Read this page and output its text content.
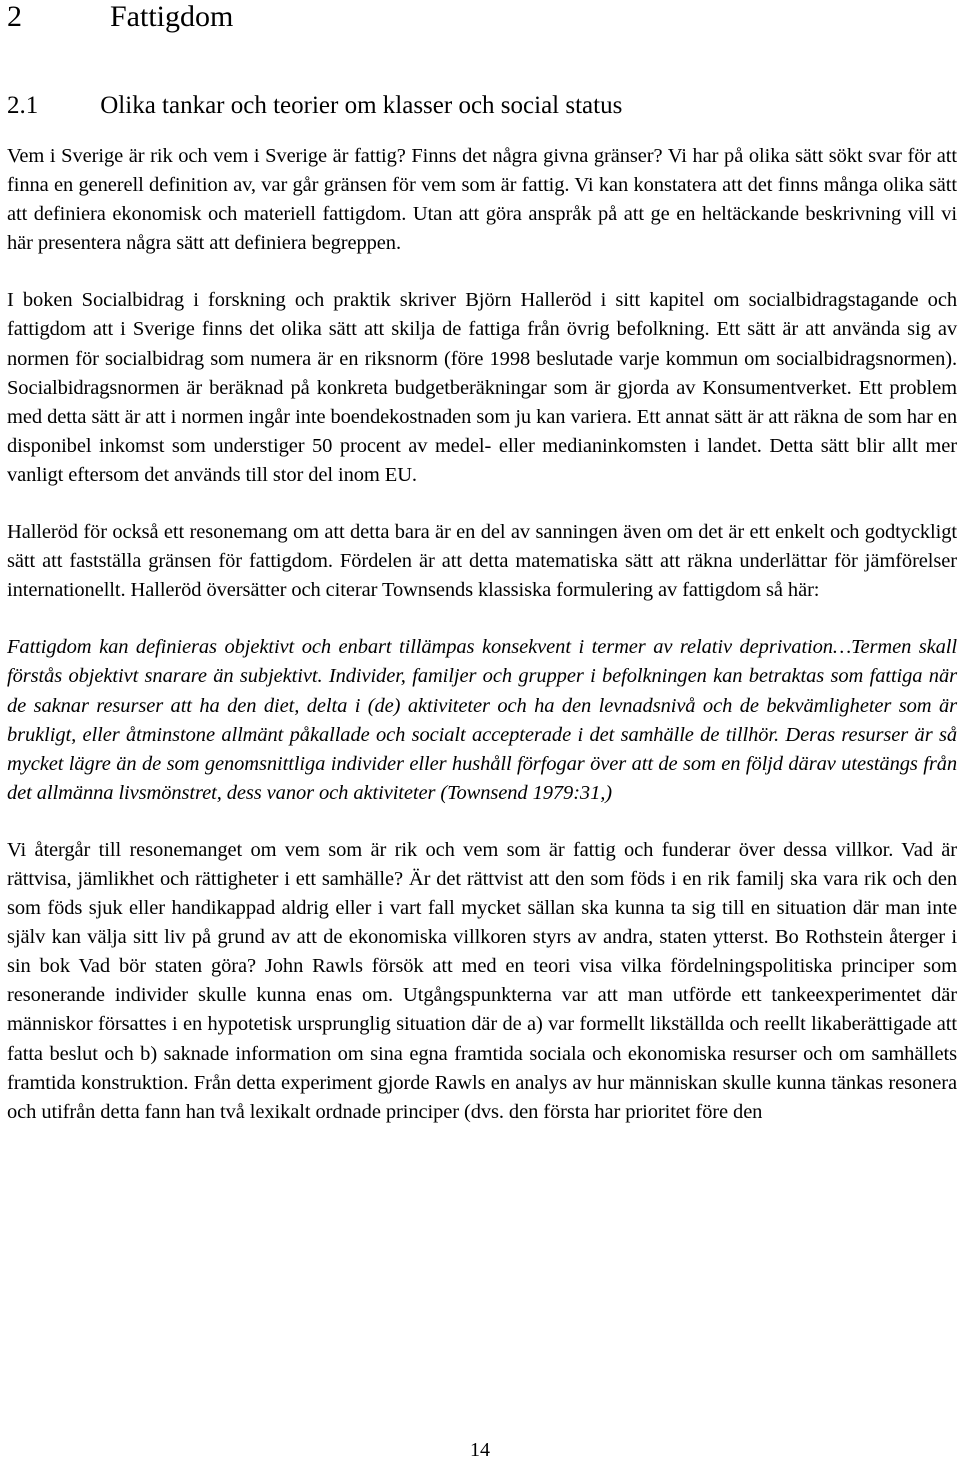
2	Fattigdom
2.1 Olika tankar och teorier om klasser och social status

Vem i Sverige är rik och vem i Sverige är fattig? Finns det några givna gränser? Vi har på olika sätt sökt svar för att finna en generell definition av, var går gränsen för vem som är fattig. Vi kan konstatera att det finns många olika sätt att definiera ekonomisk och materiell fattigdom. Utan att göra anspråk på att ge en heltäckande beskrivning vill vi här presentera några sätt att definiera begreppen.

I boken Socialbidrag i forskning och praktik skriver Björn Halleröd i sitt kapitel om socialbidragstagande och fattigdom att i Sverige finns det olika sätt att skilja de fattiga från övrig befolkning. Ett sätt är att använda sig av normen för socialbidrag som numera är en riksnorm (före 1998 beslutade varje kommun om socialbidragsnormen). Socialbidragsnormen är beräknad på konkreta budgetberäkningar som är gjorda av Konsumentverket. Ett problem med detta sätt är att i normen ingår inte boendekostnaden som ju kan variera. Ett annat sätt är att räkna de som har en disponibel inkomst som understiger 50 procent av medel- eller medianinkomsten i landet. Detta sätt blir allt mer vanligt eftersom det används till stor del inom EU.

Halleröd för också ett resonemang om att detta bara är en del av sanningen även om det är ett enkelt och godtyckligt sätt att fastställa gränsen för fattigdom. Fördelen är att detta matematiska sätt att räkna underlättar för jämförelser internationellt. Halleröd översätter och citerar Townsends klassiska formulering av fattigdom så här:

Fattigdom kan definieras objektivt och enbart tillämpas konsekvent i termer av relativ deprivation…Termen skall förstås objektivt snarare än subjektivt. Individer, familjer och grupper i befolkningen kan betraktas som fattiga när de saknar resurser att ha den diet, delta i (de) aktiviteter och ha den levnadsnivå och de bekvämligheter som är brukligt, eller åtminstone allmänt påkallade och socialt accepterade i det samhälle de tillhör. Deras resurser är så mycket lägre än de som genomsnittliga individer eller hushåll förfogar över att de som en följd därav utestängs från det allmänna livsmönstret, dess vanor och aktiviteter (Townsend 1979:31,)

Vi återgår till resonemanget om vem som är rik och vem som är fattig och funderar över dessa villkor. Vad är rättvisa, jämlikhet och rättigheter i ett samhälle? Är det rättvist att den som föds i en rik familj ska vara rik och den som föds sjuk eller handikappad aldrig eller i vart fall mycket sällan ska kunna ta sig till en situation där man inte själv kan välja sitt liv på grund av att de ekonomiska villkoren styrs av andra, staten ytterst. Bo Rothstein återger i sin bok Vad bör staten göra? John Rawls försök att med en teori visa vilka fördelningspolitiska principer som resonerande individer skulle kunna enas om. Utgångspunkterna var att man utförde ett tankeexperimentet där människor försattes i en hypotetisk ursprunglig situation där de a) var formellt likställda och reellt likaberättigade att fatta beslut och b) saknade information om sina egna framtida sociala och ekonomiska resurser och om samhällets framtida konstruktion. Från detta experiment gjorde Rawls en analys av hur människan skulle kunna tänkas resonera och utifrån detta fann han två lexikalt ordnade principer (dvs. den första har prioritet före den

14
